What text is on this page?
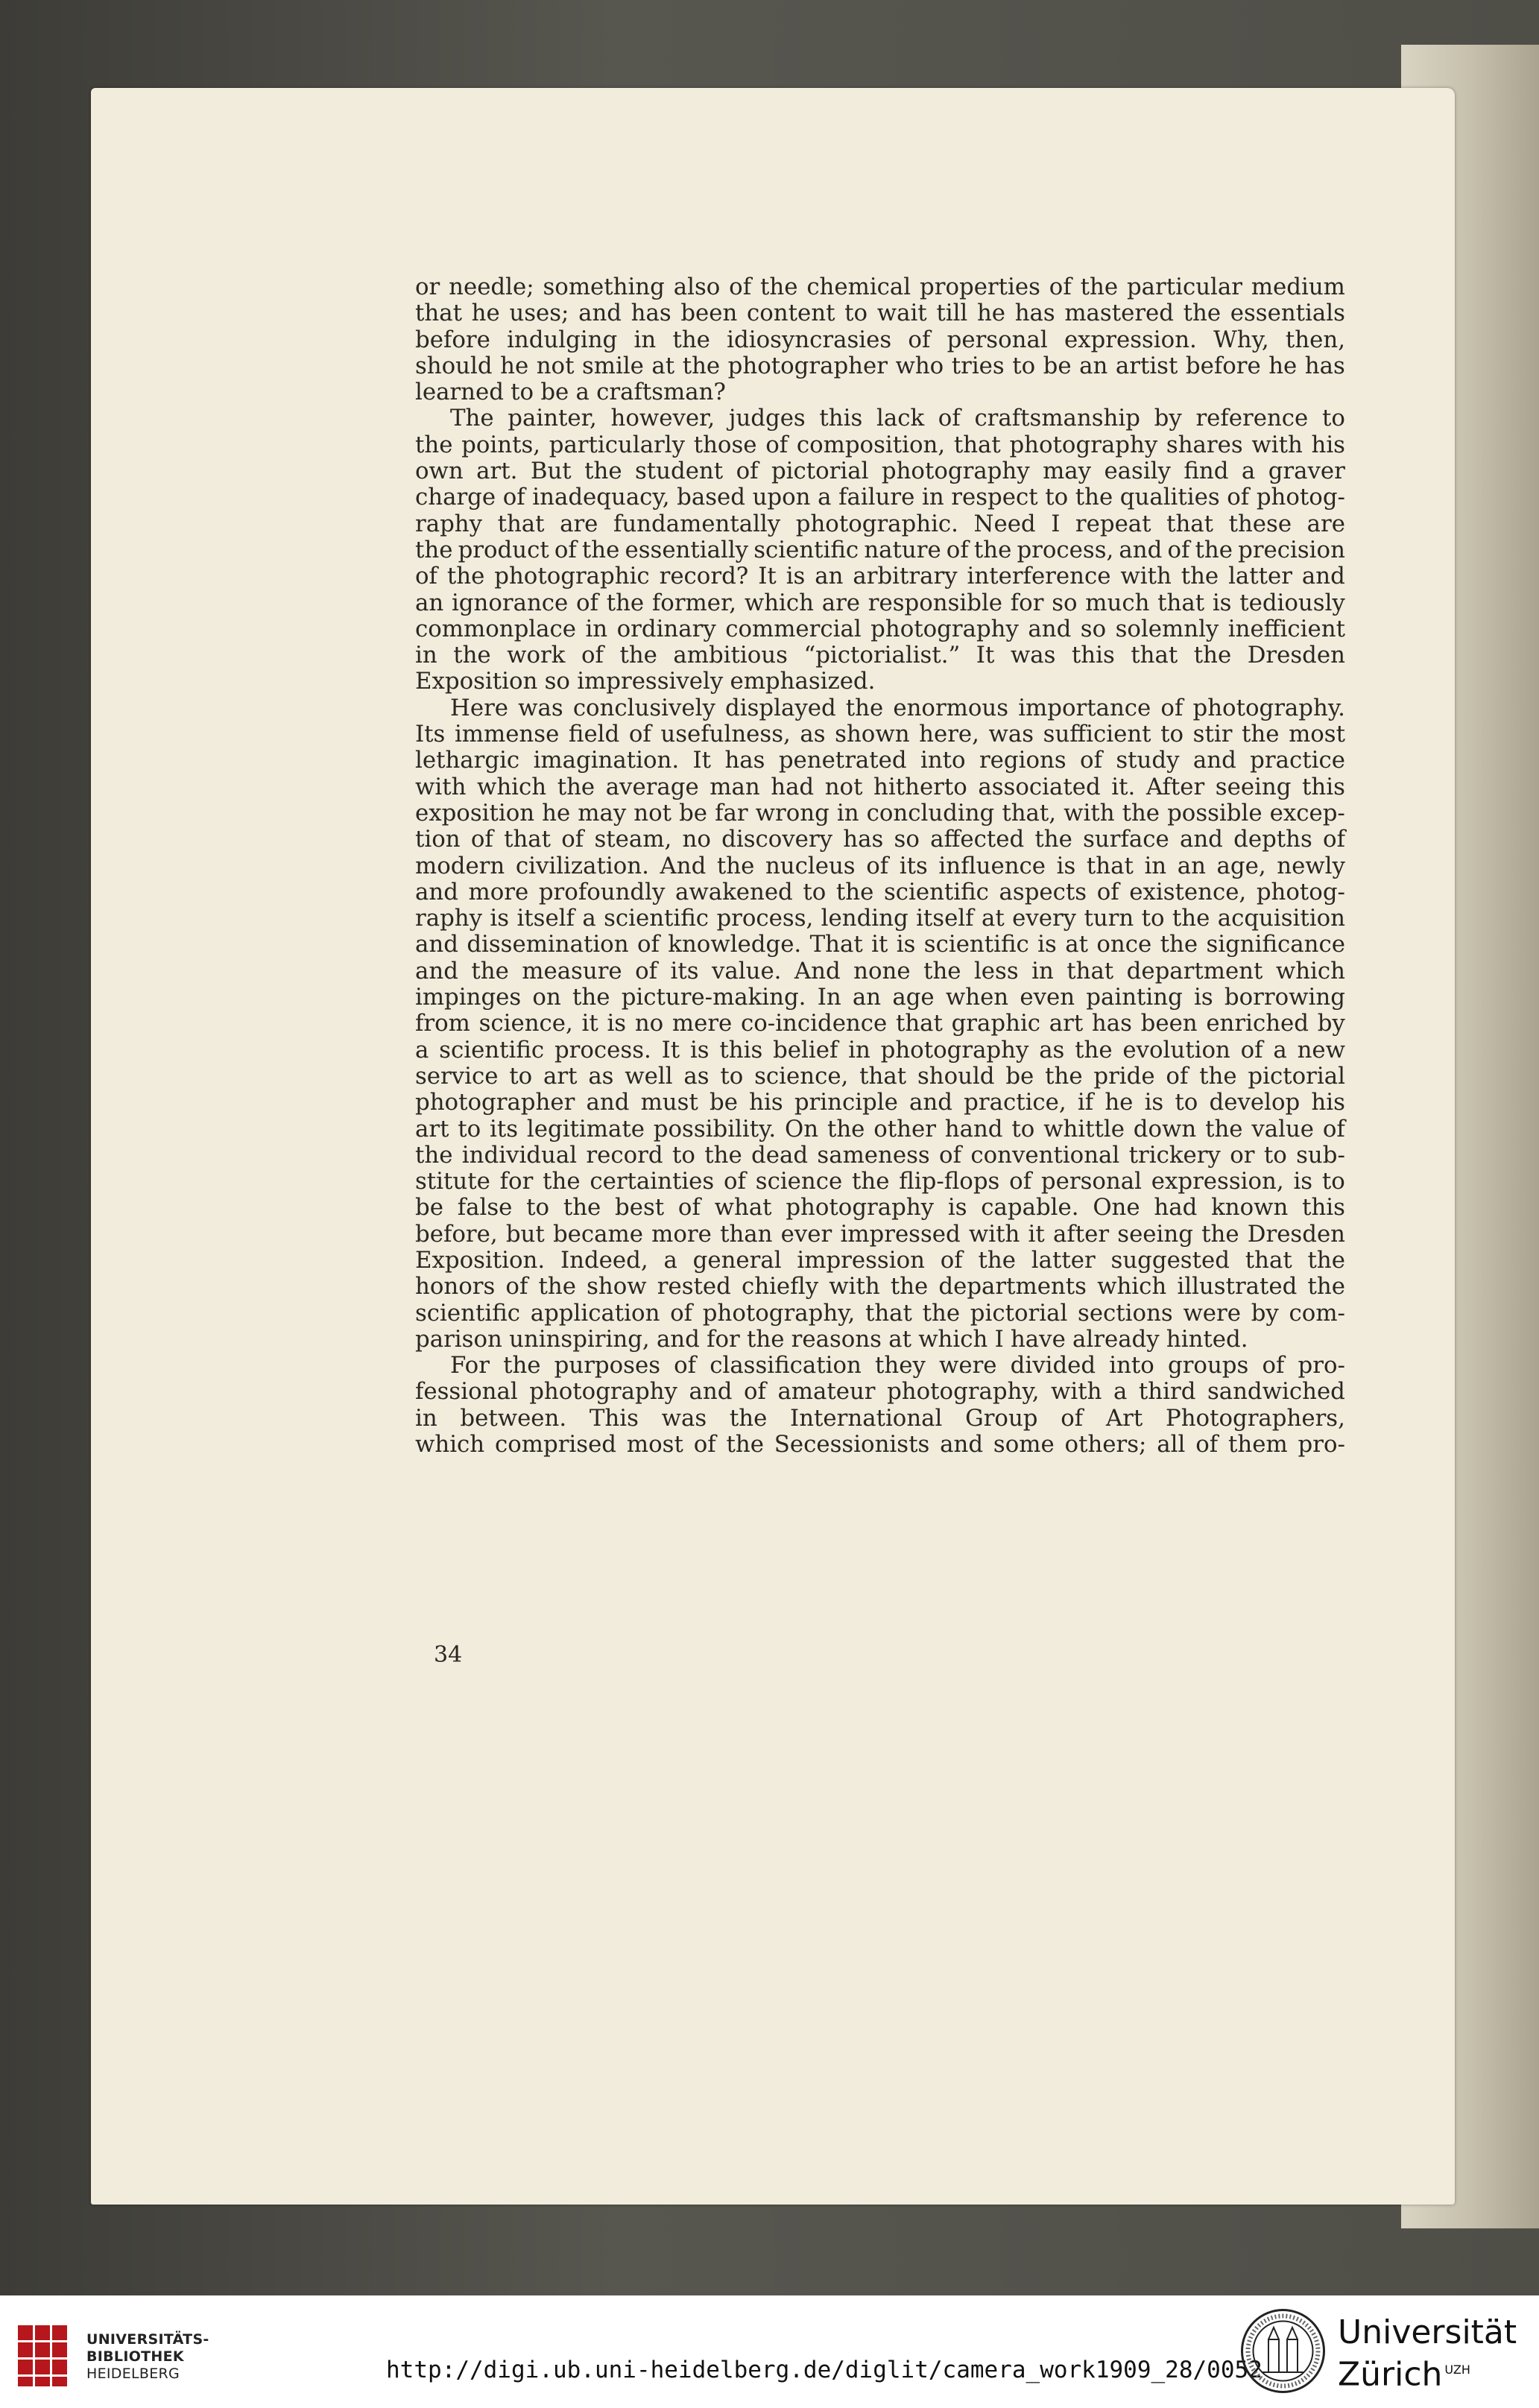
or needle; something also of the chemical properties of the particular medium
that he uses; and has been content to wait till he has mastered the essentials
before indulging in the idiosyncrasies of personal expression. Why, then,
should he not smile at the photographer who tries to be an artist before he has
learned to be a craftsman?
The painter, however, judges this lack of craftsmanship by reference to
the points, particularly those of composition, that photography shares with his
own art. But the student of pictorial photography may easily find a graver
charge of inadequacy, based upon a failure in respect to the qualities of photog-
raphy that are fundamentally photographic. Need I repeat that these are
the product of the essentially scientific nature of the process, and of the precision
of the photographic record? It is an arbitrary interference with the latter and
an ignorance of the former, which are responsible for so much that is tediously
commonplace in ordinary commercial photography and so solemnly inefficient
in the work of the ambitious “pictorialist.” It was this that the Dresden
Exposition so impressively emphasized.
Here was conclusively displayed the enormous importance of photography.
Its immense field of usefulness, as shown here, was sufficient to stir the most
lethargic imagination. It has penetrated into regions of study and practice
with which the average man had not hitherto associated it. After seeing this
exposition he may not be far wrong in concluding that, with the possible excep-
tion of that of steam, no discovery has so affected the surface and depths of
modern civilization. And the nucleus of its influence is that in an age, newly
and more profoundly awakened to the scientific aspects of existence, photog-
raphy is itself a scientific process, lending itself at every turn to the acquisition
and dissemination of knowledge. That it is scientific is at once the significance
and the measure of its value. And none the less in that department which
impinges on the picture-making. In an age when even painting is borrowing
from science, it is no mere co-incidence that graphic art has been enriched by
a scientific process. It is this belief in photography as the evolution of a new
service to art as well as to science, that should be the pride of the pictorial
photographer and must be his principle and practice, if he is to develop his
art to its legitimate possibility. On the other hand to whittle down the value of
the individual record to the dead sameness of conventional trickery or to sub-
stitute for the certainties of science the flip-flops of personal expression, is to
be false to the best of what photography is capable. One had known this
before, but became more than ever impressed with it after seeing the Dresden
Exposition. Indeed, a general impression of the latter suggested that the
honors of the show rested chiefly with the departments which illustrated the
scientific application of photography, that the pictorial sections were by com-
parison uninspiring, and for the reasons at which I have already hinted.
For the purposes of classification they were divided into groups of pro-
fessional photography and of amateur photography, with a third sandwiched
in between. This was the International Group of Art Photographers,
which comprised most of the Secessionists and some others; all of them pro-
34
UNIVERSITÄTS-
BIBLIOTHEK
HEIDELBERG	http://digi.ub.uni-heidelberg.de/diglit/camera_work1909_28/0052
Universität
Zürich $^{UZH}$
